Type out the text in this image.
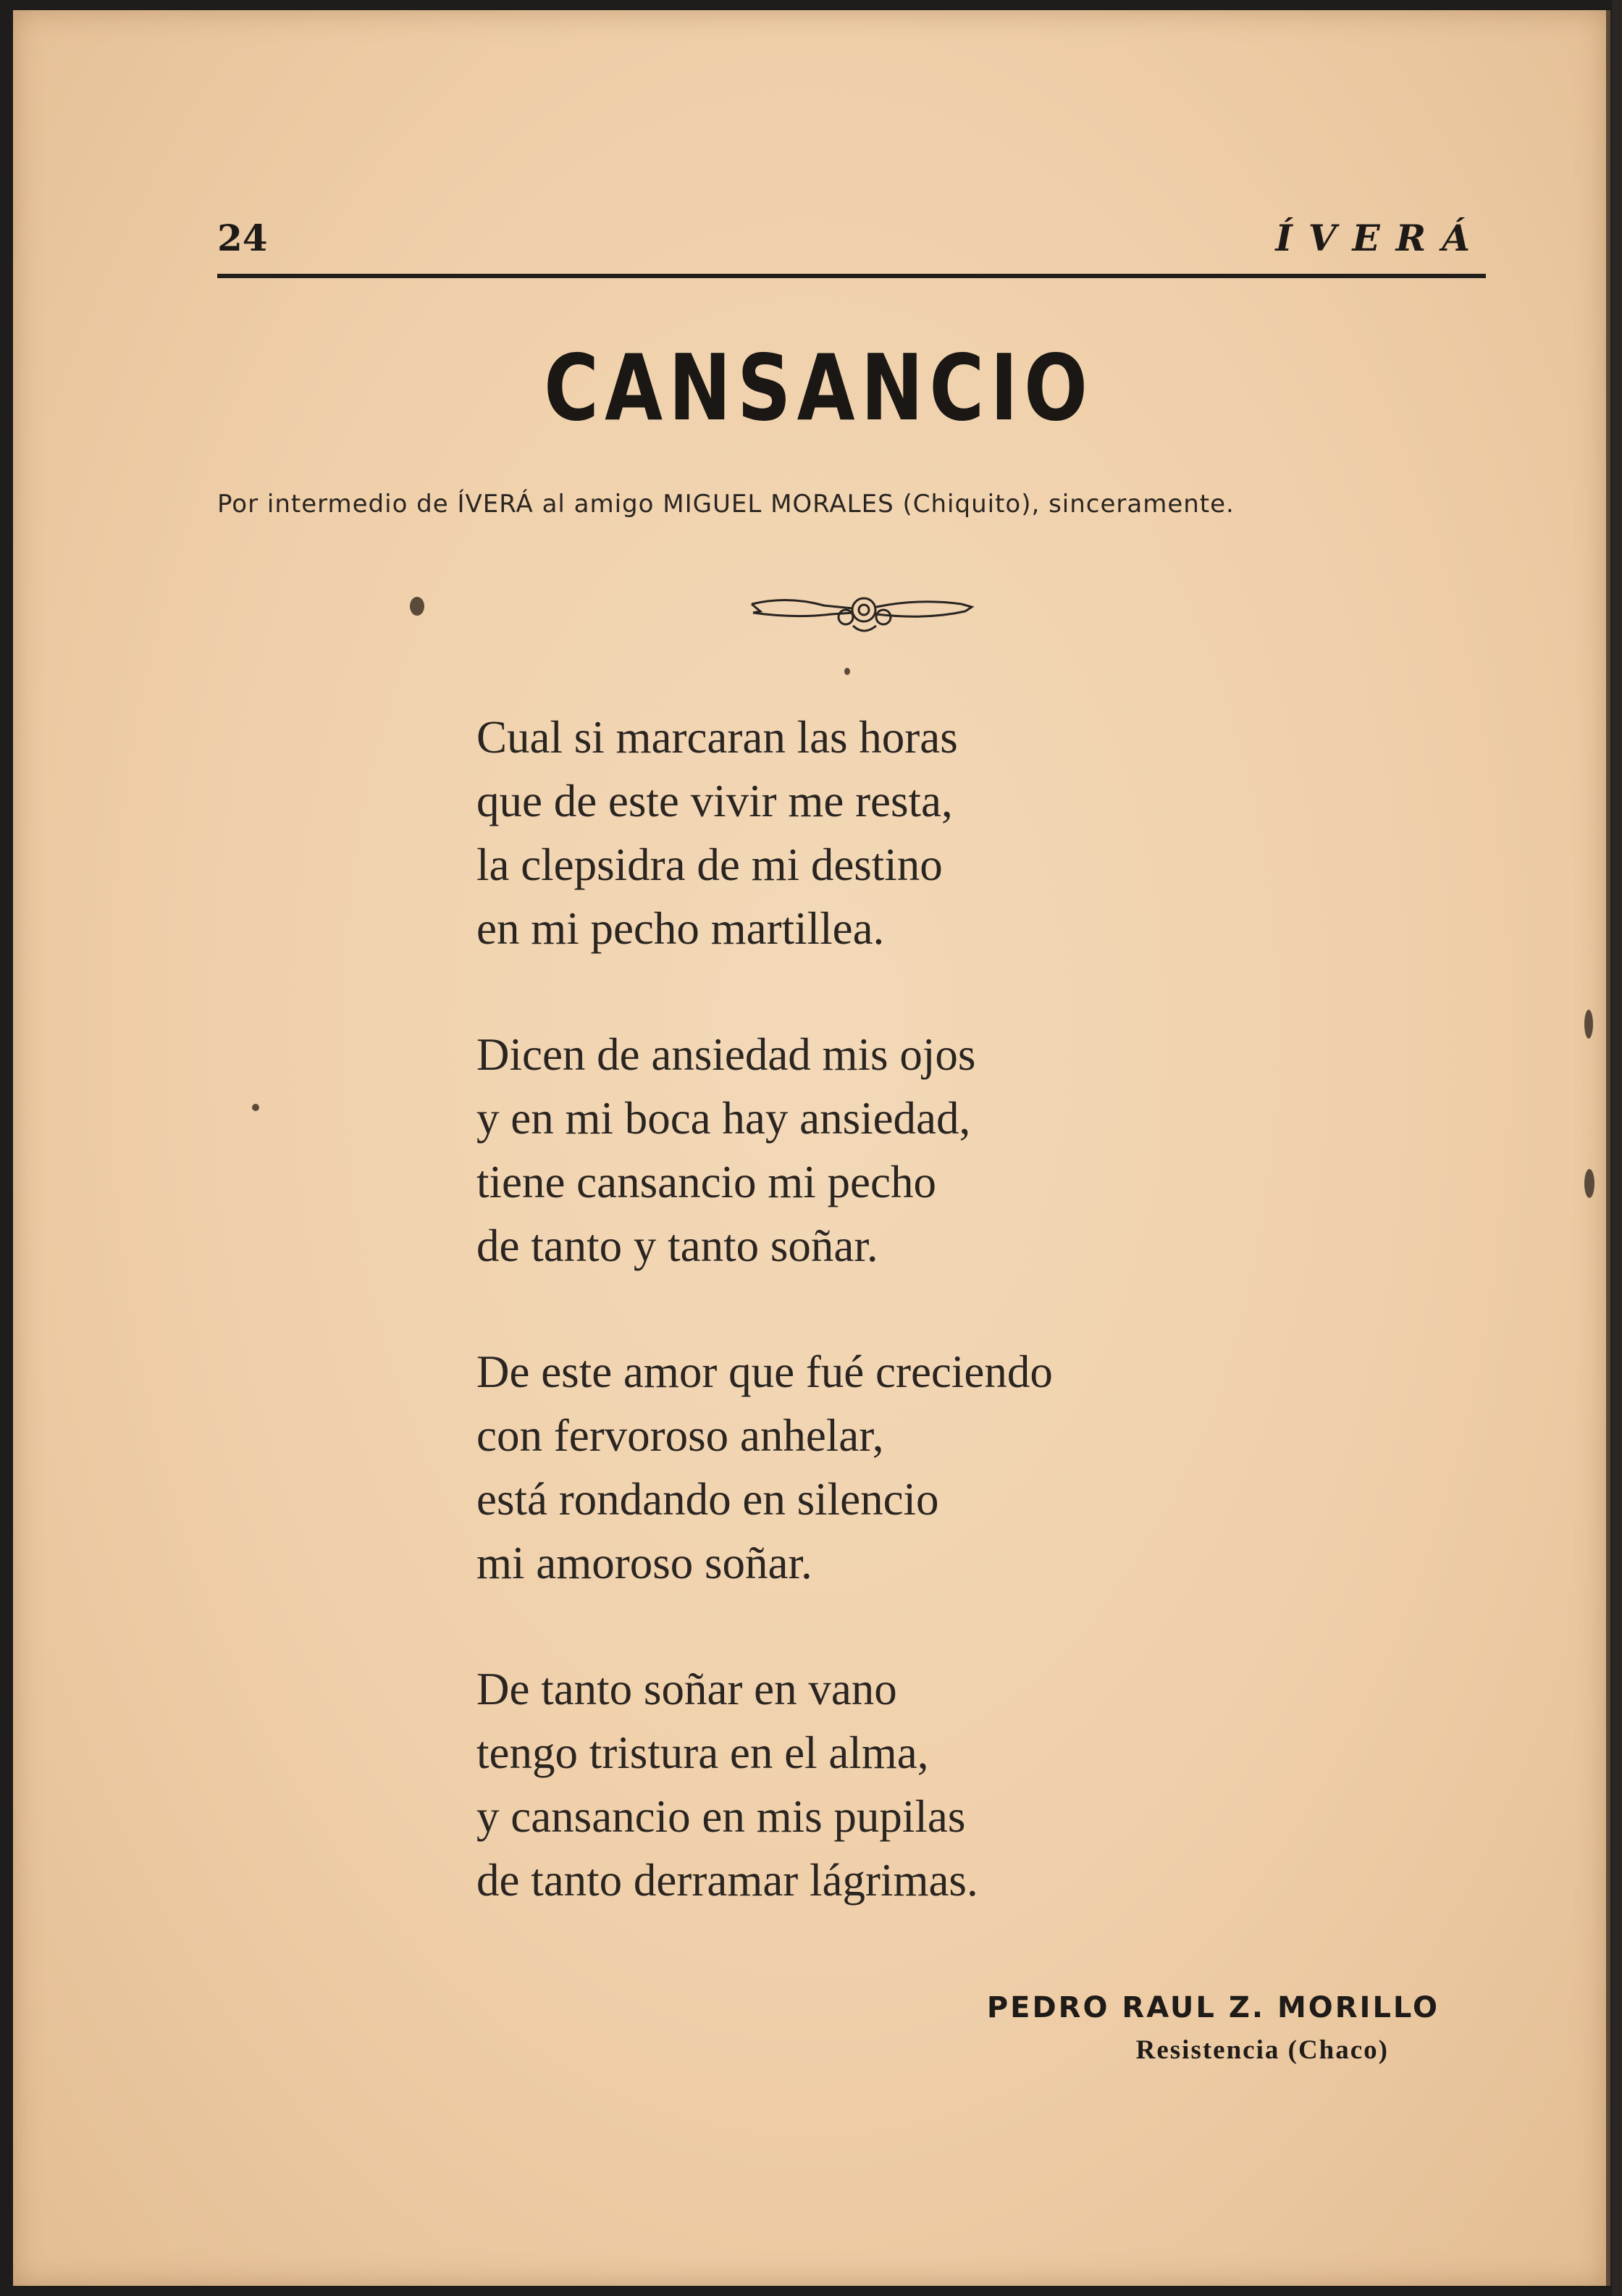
24	ÍVERÁ
CANSANCIO
Por intermedio de ÍVERÁ al amigo MIGUEL MORALES (Chiquito), sinceramente.
Cual si marcaran las horas
que de este vivir me resta,
la clepsidra de mi destino
en mi pecho martillea.
Dicen de ansiedad mis ojos
y en mi boca hay ansiedad,
tiene cansancio mi pecho
de tanto y tanto soñar.
De este amor que fué creciendo
con fervoroso anhelar,
está rondando en silencio
mi amoroso soñar.
De tanto soñar en vano
tengo tristura en el alma,
y cansancio en mis pupilas
de tanto derramar lágrimas.
PEDRO RAUL Z. MORILLO
Resistencia (Chaco)
